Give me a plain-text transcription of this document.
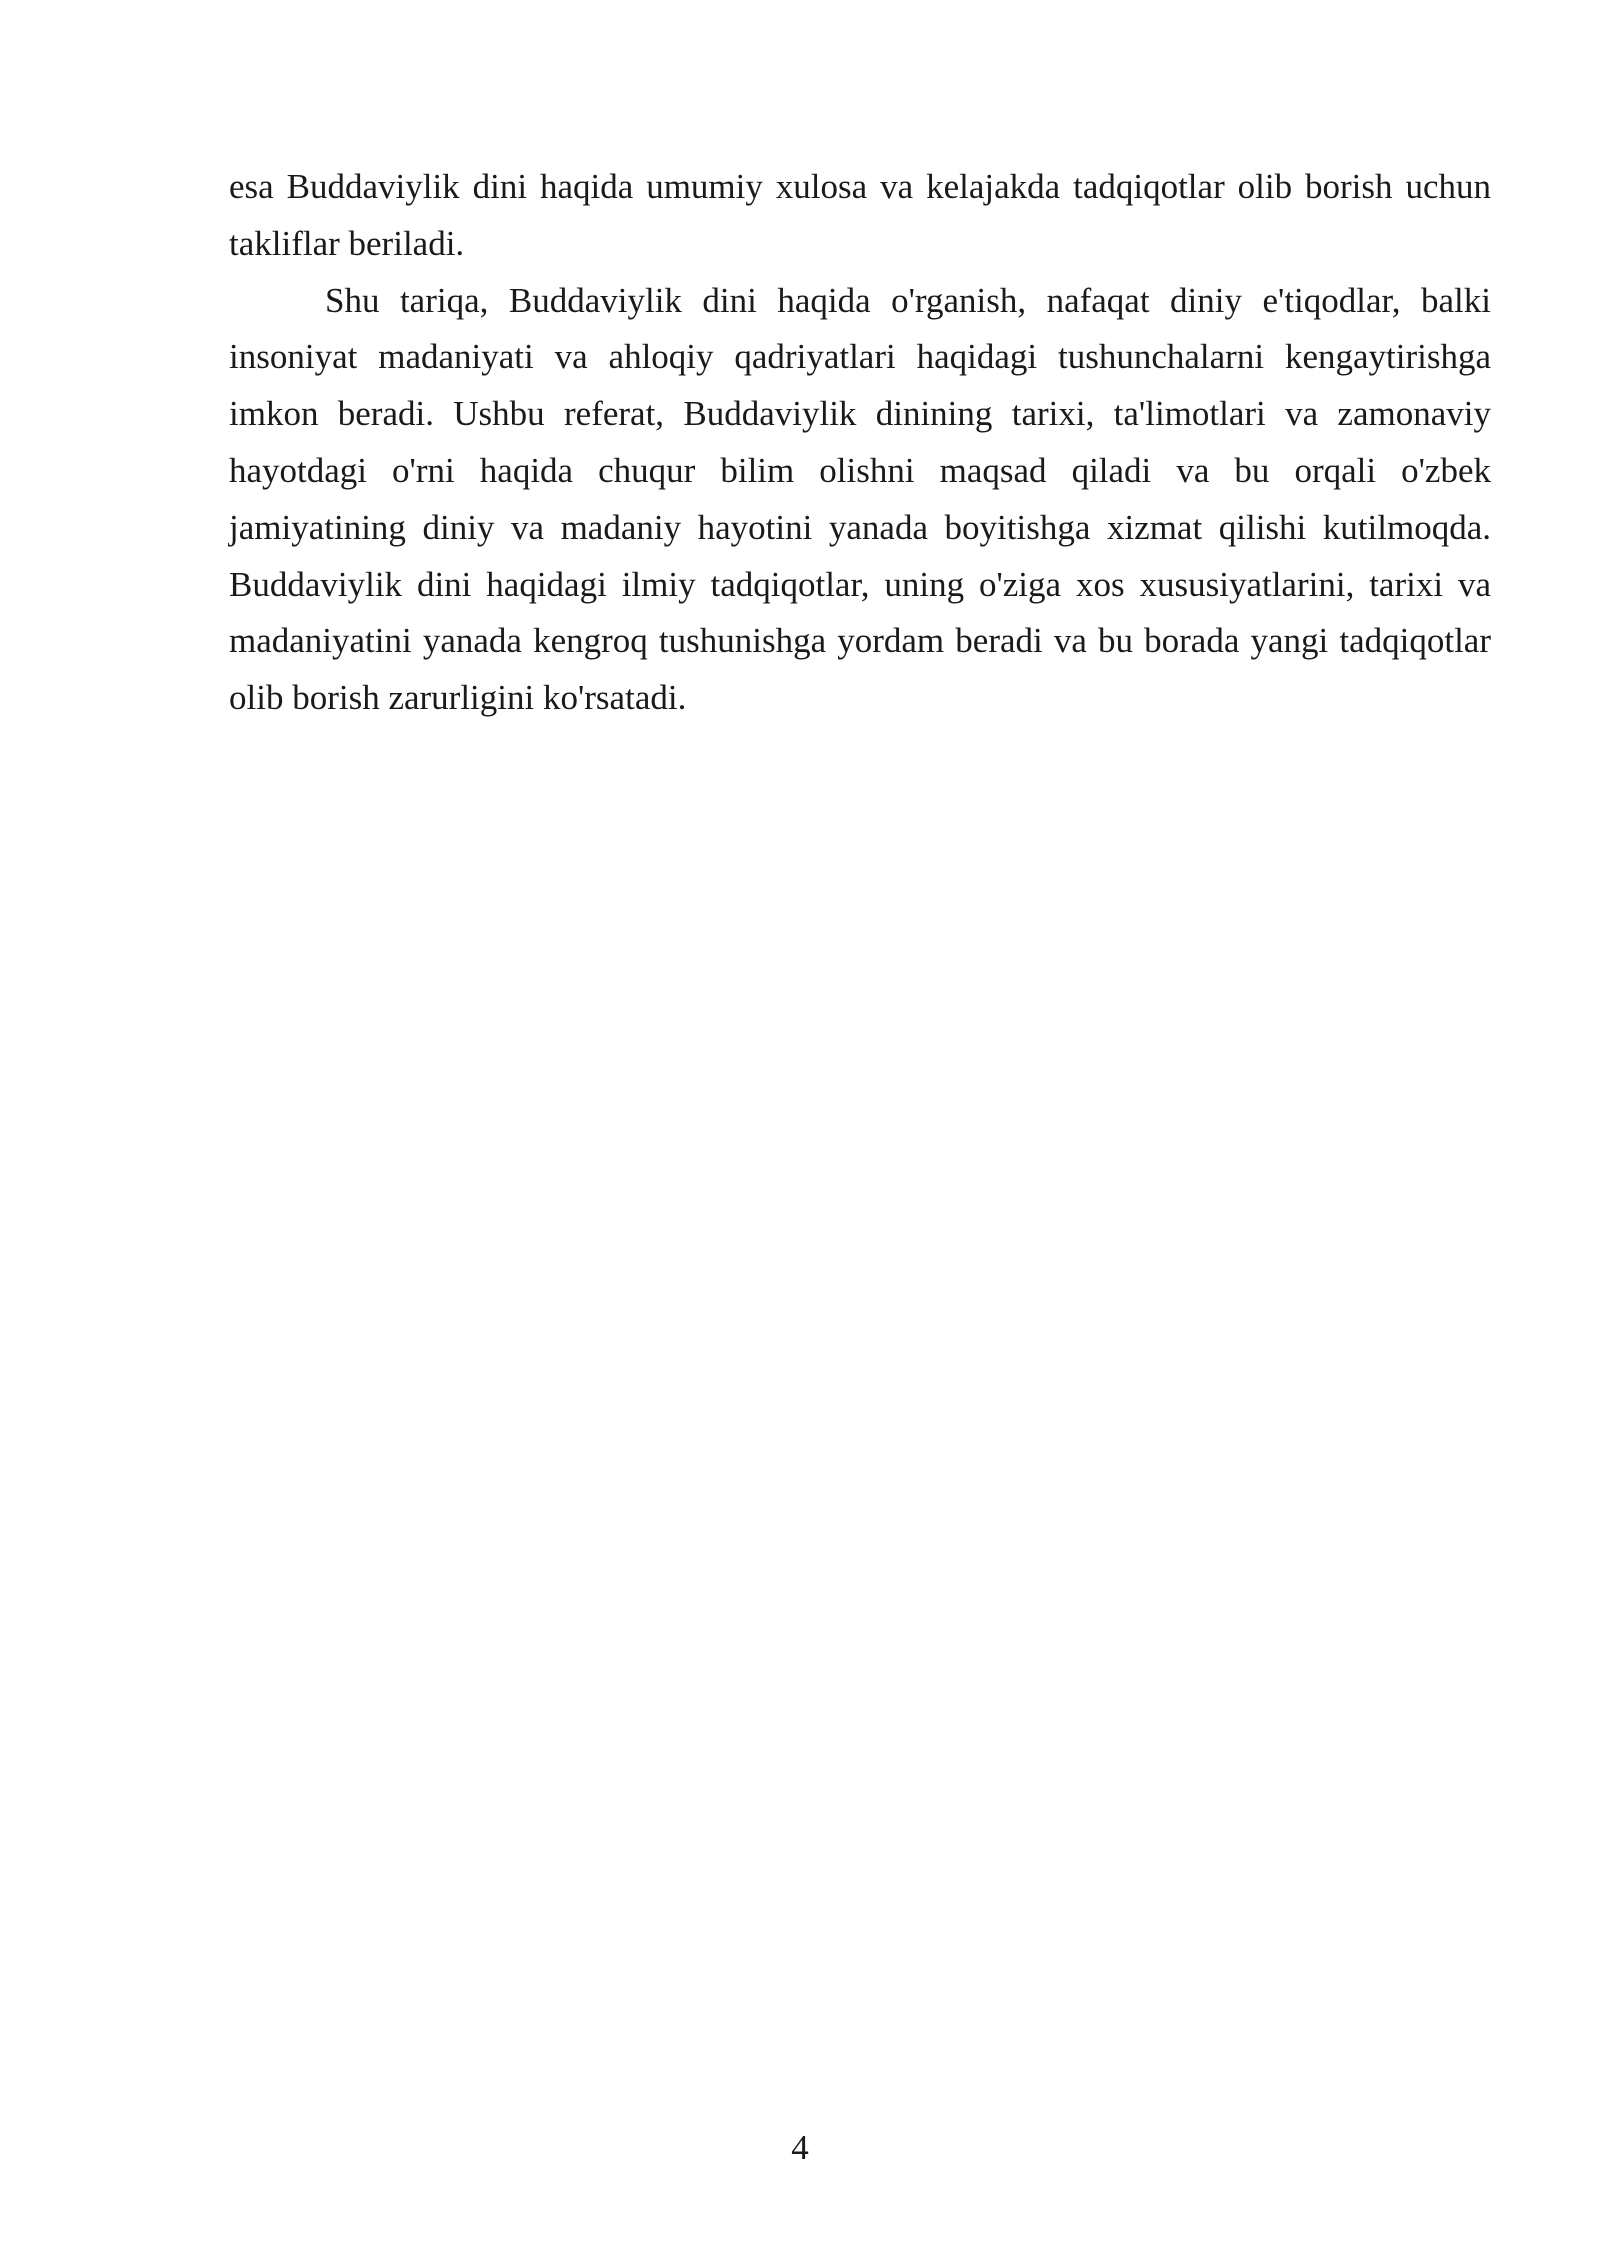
esa Buddaviylik dini haqida umumiy xulosa va kelajakda tadqiqotlar olib borish uchun takliflar beriladi.

Shu tariqa, Buddaviylik dini haqida o'rganish, nafaqat diniy e'tiqodlar, balki insoniyat madaniyati va ahloqiy qadriyatlari haqidagi tushunchalarni kengaytirishga imkon beradi. Ushbu referat, Buddaviylik dinining tarixi, ta'limotlari va zamonaviy hayotdagi o'rni haqida chuqur bilim olishni maqsad qiladi va bu orqali o'zbek jamiyatining diniy va madaniy hayotini yanada boyitishga xizmat qilishi kutilmoqda. Buddaviylik dini haqidagi ilmiy tadqiqotlar, uning o'ziga xos xususiyatlarini, tarixi va madaniyatini yanada kengroq tushunishga yordam beradi va bu borada yangi tadqiqotlar olib borish zarurligini ko'rsatadi.

4
